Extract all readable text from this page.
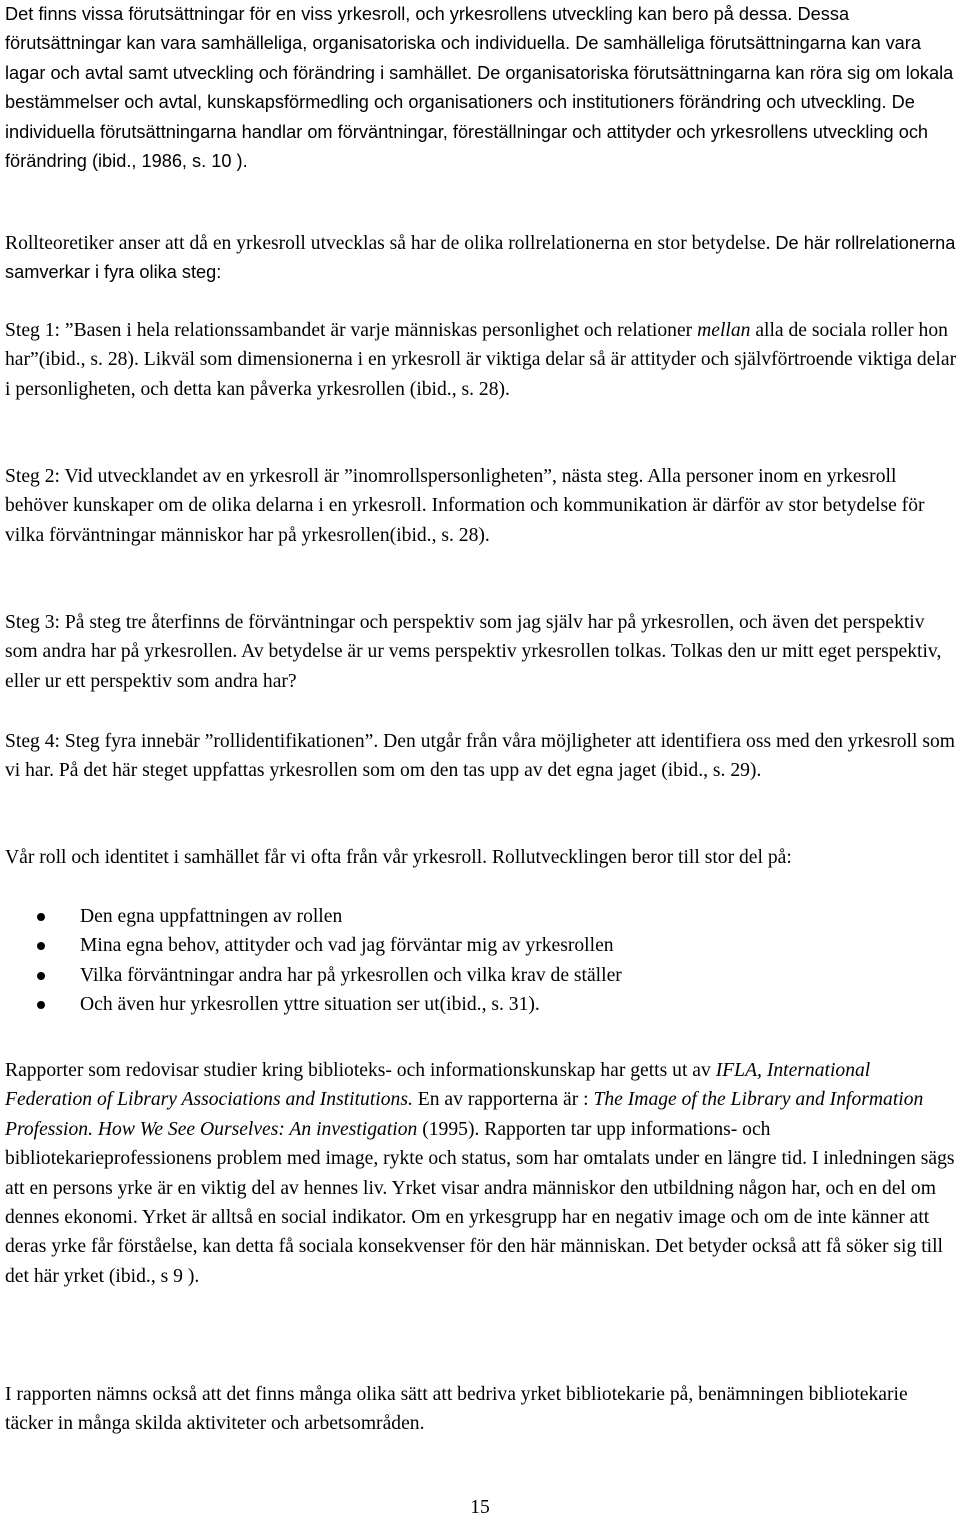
Det finns vissa förutsättningar för en viss yrkesroll, och yrkesrollens utveckling kan bero på dessa. Dessa förutsättningar kan vara samhälleliga, organisatoriska och individuella. De samhälleliga förutsättningarna kan vara lagar och avtal samt utveckling och förändring i samhället. De organisatoriska förutsättningarna kan röra sig om lokala bestämmelser och avtal, kunskapsförmedling och organisationers och institutioners förändring och utveckling. De individuella förutsättningarna handlar om förväntningar, föreställningar och attityder och yrkesrollens utveckling och förändring (ibid., 1986, s. 10 ).

Rollteoretiker anser att då en yrkesroll utvecklas så har de olika rollrelationerna en stor betydelse. De här rollrelationerna samverkar i fyra olika steg:

Steg 1: ”Basen i hela relationssambandet är varje människas personlighet och relationer mellan alla de sociala roller hon har”(ibid., s. 28). Likväl som dimensionerna i en yrkesroll är viktiga delar så är attityder och självförtroende viktiga delar i personligheten, och detta kan påverka yrkesrollen (ibid., s. 28).

Steg 2: Vid utvecklandet av en yrkesroll är ”inomrollspersonligheten”, nästa steg. Alla personer inom en yrkesroll behöver kunskaper om de olika delarna i en yrkesroll. Information och kommunikation är därför av stor betydelse för vilka förväntningar människor har på yrkesrollen(ibid., s. 28).

Steg 3: På steg tre återfinns de förväntningar och perspektiv som jag själv har på yrkesrollen, och även det perspektiv som andra har på yrkesrollen. Av betydelse är ur vems perspektiv yrkesrollen tolkas. Tolkas den ur mitt eget perspektiv, eller ur ett perspektiv som andra har?

Steg 4: Steg fyra innebär ”rollidentifikationen”. Den utgår från våra möjligheter att identifiera oss med den yrkesroll som vi har. På det här steget uppfattas yrkesrollen som om den tas upp av det egna jaget (ibid., s. 29).

Vår roll och identitet i samhället får vi ofta från vår yrkesroll. Rollutvecklingen beror till stor del på:

Den egna uppfattningen av rollen
Mina egna behov, attityder och vad jag förväntar mig av yrkesrollen
Vilka förväntningar andra har på yrkesrollen och vilka krav de ställer
Och även hur yrkesrollen yttre situation ser ut(ibid., s. 31).

Rapporter som redovisar studier kring biblioteks- och informationskunskap har getts ut av IFLA, International Federation of Library Associations and Institutions. En av rapporterna är : The Image of the Library and Information Profession. How We See Ourselves: An investigation (1995). Rapporten tar upp informations- och bibliotekarieprofessionens problem med image, rykte och status, som har omtalats under en längre tid. I inledningen sägs att en persons yrke är en viktig del av hennes liv. Yrket visar andra människor den utbildning någon har, och en del om dennes ekonomi. Yrket är alltså en social indikator. Om en yrkesgrupp har en negativ image och om de inte känner att deras yrke får förståelse, kan detta få sociala konsekvenser för den här människan. Det betyder också att få söker sig till det här yrket (ibid., s 9 ).

I rapporten nämns också att det finns många olika sätt att bedriva yrket bibliotekarie på, benämningen bibliotekarie täcker in många skilda aktiviteter och arbetsområden.

15
